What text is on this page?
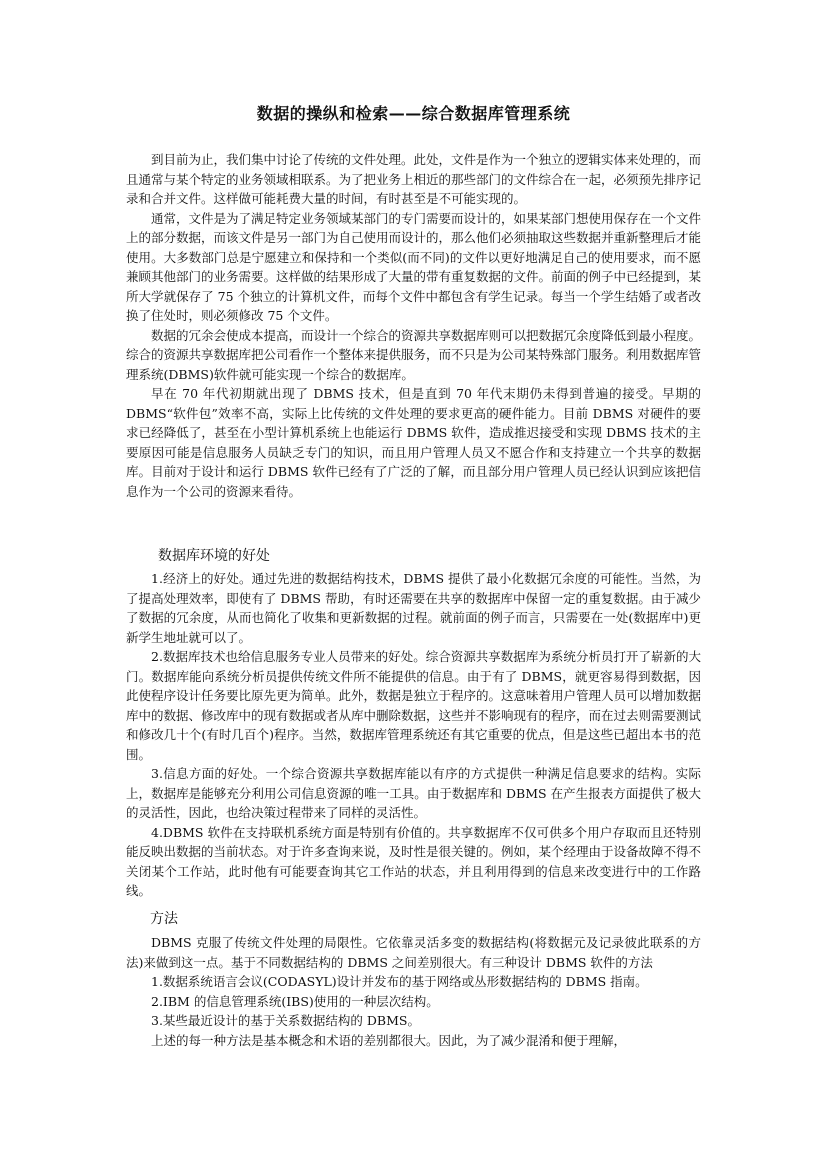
数据的操纵和检索——综合数据库管理系统

到目前为止，我们集中讨论了传统的文件处理。此处，文件是作为一个独立的逻辑实体来处理的，而且通常与某个特定的业务领域相联系。为了把业务上相近的那些部门的文件综合在一起，必须预先排序记录和合并文件。这样做可能耗费大量的时间，有时甚至是不可能实现的。

通常，文件是为了满足特定业务领域某部门的专门需要而设计的，如果某部门想使用保存在一个文件上的部分数据，而该文件是另一部门为自己使用而设计的，那么他们必须抽取这些数据并重新整理后才能使用。大多数部门总是宁愿建立和保持和一个类似(而不同)的文件以更好地满足自己的使用要求，而不愿兼顾其他部门的业务需要。这样做的结果形成了大量的带有重复数据的文件。前面的例子中已经提到，某所大学就保存了 75 个独立的计算机文件，而每个文件中都包含有学生记录。每当一个学生结婚了或者改换了住处时，则必须修改 75 个文件。

数据的冗余会使成本提高，而设计一个综合的资源共享数据库则可以把数据冗余度降低到最小程度。综合的资源共享数据库把公司看作一个整体来提供服务，而不只是为公司某特殊部门服务。利用数据库管理系统(DBMS)软件就可能实现一个综合的数据库。

早在 70 年代初期就出现了 DBMS 技术，但是直到 70 年代末期仍未得到普遍的接受。早期的 DBMS“软件包”效率不高，实际上比传统的文件处理的要求更高的硬件能力。目前 DBMS 对硬件的要求已经降低了，甚至在小型计算机系统上也能运行 DBMS 软件，造成推迟接受和实现 DBMS 技术的主要原因可能是信息服务人员缺乏专门的知识，而且用户管理人员又不愿合作和支持建立一个共享的数据库。目前对于设计和运行 DBMS 软件已经有了广泛的了解，而且部分用户管理人员已经认识到应该把信息作为一个公司的资源来看待。

数据库环境的好处

1.经济上的好处。通过先进的数据结构技术，DBMS 提供了最小化数据冗余度的可能性。当然，为了提高处理效率，即使有了 DBMS 帮助，有时还需要在共享的数据库中保留一定的重复数据。由于减少了数据的冗余度，从而也简化了收集和更新数据的过程。就前面的例子而言，只需要在一处(数据库中)更新学生地址就可以了。

2.数据库技术也给信息服务专业人员带来的好处。综合资源共享数据库为系统分析员打开了崭新的大门。数据库能向系统分析员提供传统文件所不能提供的信息。由于有了 DBMS，就更容易得到数据，因此使程序设计任务要比原先更为简单。此外，数据是独立于程序的。这意味着用户管理人员可以增加数据库中的数据、修改库中的现有数据或者从库中删除数据，这些并不影响现有的程序，而在过去则需要测试和修改几十个(有时几百个)程序。当然，数据库管理系统还有其它重要的优点，但是这些已超出本书的范围。

3.信息方面的好处。一个综合资源共享数据库能以有序的方式提供一种满足信息要求的结构。实际上，数据库是能够充分利用公司信息资源的唯一工具。由于数据库和 DBMS 在产生报表方面提供了极大的灵活性，因此，也给决策过程带来了同样的灵活性。

4.DBMS 软件在支持联机系统方面是特别有价值的。共享数据库不仅可供多个用户存取而且还特别能反映出数据的当前状态。对于许多查询来说，及时性是很关键的。例如，某个经理由于设备故障不得不关闭某个工作站，此时他有可能要查询其它工作站的状态，并且利用得到的信息来改变进行中的工作路线。

方法

DBMS 克服了传统文件处理的局限性。它依靠灵活多变的数据结构(将数据元及记录彼此联系的方法)来做到这一点。基于不同数据结构的 DBMS 之间差别很大。有三种设计 DBMS 软件的方法

1.数据系统语言会议(CODASYL)设计并发布的基于网络或丛形数据结构的 DBMS 指南。

2.IBM 的信息管理系统(IBS)使用的一种层次结构。

3.某些最近设计的基于关系数据结构的 DBMS。

上述的每一种方法是基本概念和术语的差别都很大。因此，为了减少混淆和便于理解，
